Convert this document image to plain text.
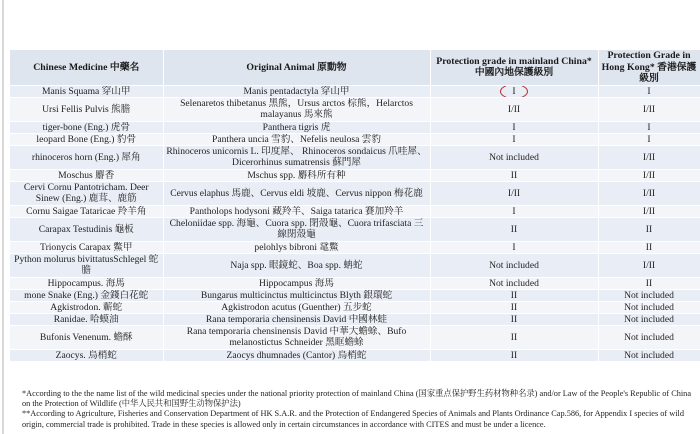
Chinese Medicine 中藥名	Original Animal 原動物	Protection grade in mainland China* 中國內地保護級別	Protection Grade in Hong Kong* 香港保護級別
Manis Squama 穿山甲	Manis pentadactyla 穿山甲	I	I
Ursi Fellis Pulvis 熊膽	Selenaretos thibetanus 黑熊，Ursus arctos 棕熊，Helarctos malayanus 馬來熊	I/II	I/II
tiger-bone (Eng.) 虎骨	Panthera tigris 虎	I	I
leopard Bone (Eng.) 豹骨	Panthera uncia 雪豹、Nefelis neulosa 雲豹	I	I
rhinoceros horn (Eng.) 犀角	Rhinoceros unicornis L. 印度犀、 Rhinoceros sondaicus 爪哇犀、Dicerorhinus sumatrensis 蘇門犀	Not included	I/II
Moschus 麝香	Mschus spp. 麝科所有种	II	I/II
Cervi Cornu Pantotricham. Deer Sinew (Eng.) 鹿茸、鹿筋	Cervus elaphus 馬鹿、Cervus eldi 坡鹿、Cervus nippon 梅花鹿	I/II	I/II
Cornu Saigae Tataricae 羚羊角	Pantholops hodysoni 藏羚羊、Saiga tatarica 賽加羚羊	I	I/II
Carapax Testudinis 龜板	Cheloniidae spp. 海龜、Cuora spp. 閉殼龜、Cuora trifasciata 三線閉殼龜	II	II
Trionycis Carapax 鱉甲	pelohlys bibroni 鼋鱉	I	II
Python molurus bivittatusSchlegel 蛇膽	Naja spp. 眼鏡蛇、Boa spp. 蚺蛇	Not included	I/II
Hippocampus. 海馬	Hippocampus 海馬	Not included	II
mone Snake (Eng.) 金錢白花蛇	Bungarus multicinctus multicinctus Blyth 銀環蛇	II	Not included
Agkistrodon. 蘄蛇	Agkistrodon acutus (Guenther) 五步蛇	II	Not included
Ranidae. 哈蟆油	Rana temporaria chensinensis David 中國林蛙	II	Not included
Bufonis Venenum. 蟾酥	Rana temporaria chensinensis David 中華大蟾蜍、Bufo melanostictus Schneider 黑眶蟾蜍	II	Not included
Zaocys. 烏梢蛇	Zaocys dhumnades (Cantor) 烏梢蛇	II	Not included

*According to the the name list of the wild medicinal species under the national priority protection of mainland China (国家重点保护野生药材物种名录) and/or Law of the People's Republic of China on the Protection of Wildlife (中华人民共和国野生动物保护法)

**According to Agriculture, Fisheries and Conservation Department of HK S.A.R. and the Protection of Endangered Species of Animals and Plants Ordinance Cap.586, for Appendix I species of wild origin, commercial trade is prohibited. Trade in these species is allowed only in certain circumstances in accordance with CITES and must be under a licence.
